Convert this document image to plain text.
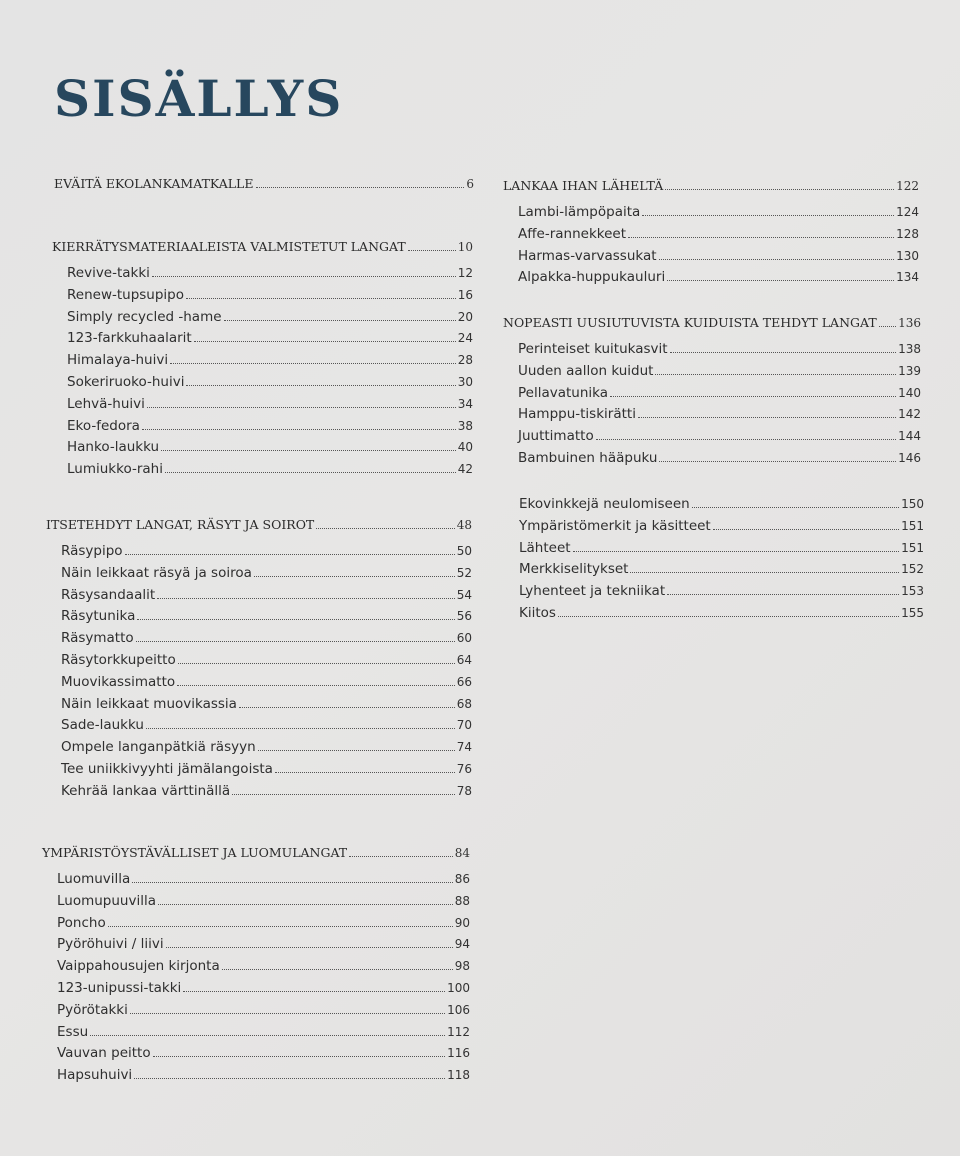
SISÄLLYS
EVÄITÄ EKOLANKAMATKALLE	6
KIERRÄTYSMATERIAALEISTA VALMISTETUT LANGAT	10
Revive-takki	12
Renew-tupsupipo	16
Simply recycled -hame	20
123-farkkuhaalarit	24
Himalaya-huivi	28
Sokeriruoko-huivi	30
Lehvä-huivi	34
Eko-fedora	38
Hanko-laukku	40
Lumiukko-rahi	42
ITSETEHDYT LANGAT, RÄSYT JA SOIROT	48
Räsypipo	50
Näin leikkaat räsyä ja soiroa	52
Räsysandaalit	54
Räsytunika	56
Räsymatto	60
Räsytorkkupeitto	64
Muovikassimatto	66
Näin leikkaat muovikassia	68
Sade-laukku	70
Ompele langanpätkiä räsyyn	74
Tee uniikkivyyhti jämälangoista	76
Kehrää lankaa värttinällä	78
YMPÄRISTÖYSTÄVÄLLISET JA LUOMULANGAT	84
Luomuvilla	86
Luomupuuvilla	88
Poncho	90
Pyöröhuivi / liivi	94
Vaippahousujen kirjonta	98
123-unipussi-takki	100
Pyörötakki	106
Essu	112
Vauvan peitto	116
Hapsuhuivi	118
LANKAA IHAN LÄHELTÄ	122
Lambi-lämpöpaita	124
Affe-rannekkeet	128
Harmas-varvassukat	130
Alpakka-huppukauluri	134
NOPEASTI UUSIUTUVISTA KUIDUISTA TEHDYT LANGAT 136
Perinteiset kuitukasvit	138
Uuden aallon kuidut	139
Pellavatunika	140
Hamppu-tiskirätti	142
Juuttimatto	144
Bambuinen hääpuku	146
Ekovinkkejä neulomiseen	150
Ympäristömerkit ja käsitteet	151
Lähteet	151
Merkkiselitykset	152
Lyhenteet ja tekniikat	153
Kiitos	155
